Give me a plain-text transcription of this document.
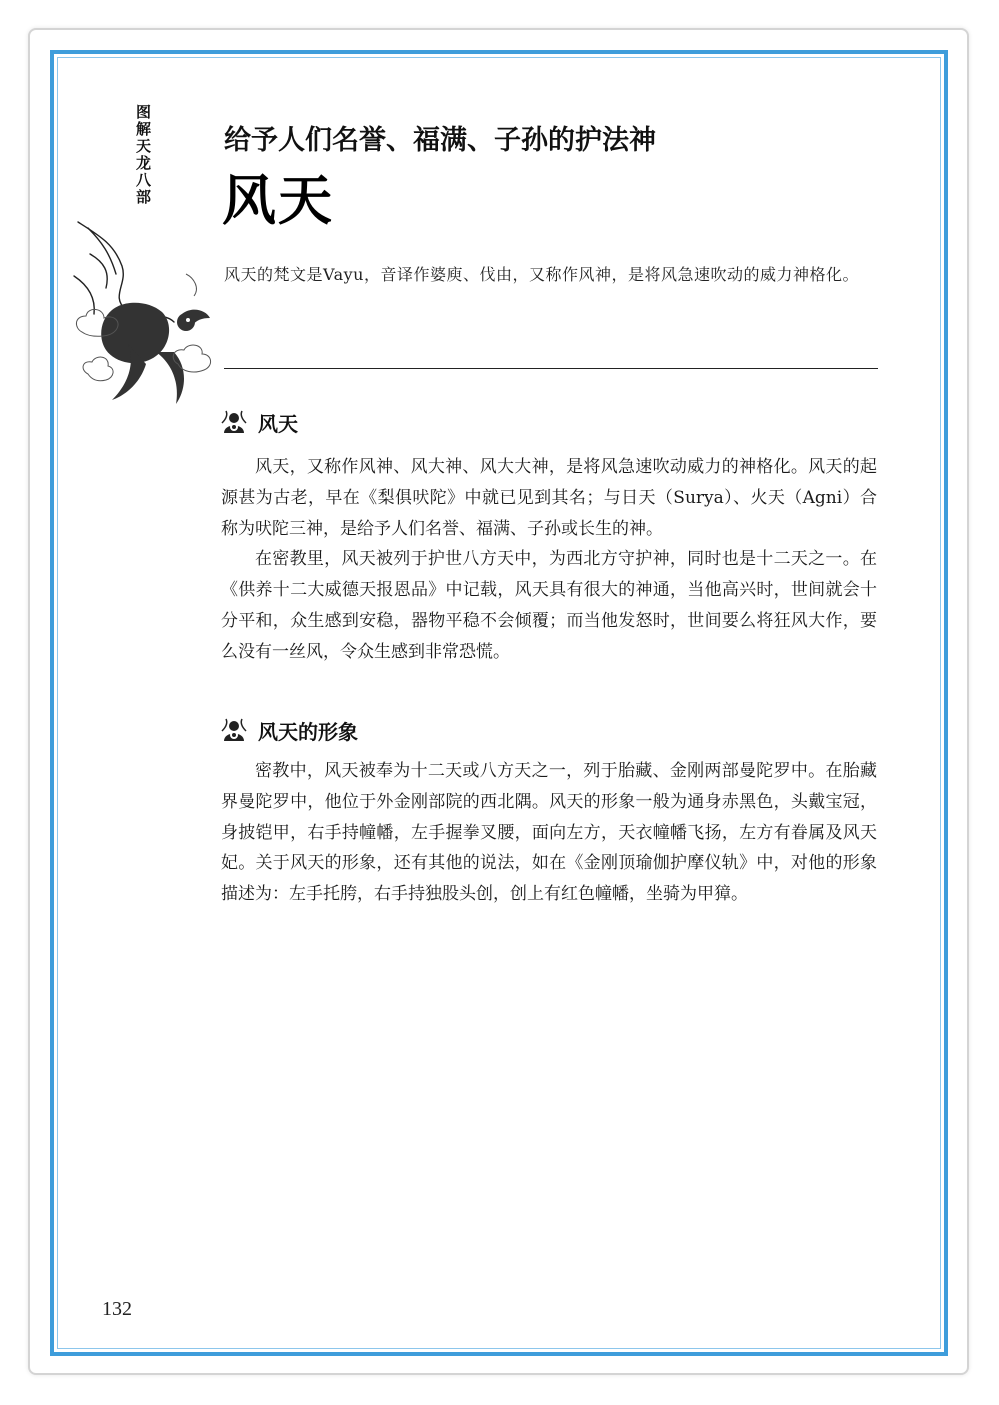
图解天龙八部	给予人们名誉、福满、子孙的护法神
风天
风天的梵文是Vayu，音译作婆庾、伐由，又称作风神，是将风急速吹动的威力神格化。
风天

风天，又称作风神、风大神、风大大神，是将风急速吹动威力的神格化。风天的起源甚为古老，早在《梨俱吠陀》中就已见到其名；与日天（Surya）、火天（Agni）合称为吠陀三神，是给予人们名誉、福满、子孙或长生的神。

在密教里，风天被列于护世八方天中，为西北方守护神，同时也是十二天之一。在《供养十二大威德天报恩品》中记载，风天具有很大的神通，当他高兴时，世间就会十分平和，众生感到安稳，器物平稳不会倾覆；而当他发怒时，世间要么将狂风大作，要么没有一丝风，令众生感到非常恐慌。

风天的形象

密教中，风天被奉为十二天或八方天之一，列于胎藏、金刚两部曼陀罗中。在胎藏界曼陀罗中，他位于外金刚部院的西北隅。风天的形象一般为通身赤黑色，头戴宝冠，身披铠甲，右手持幢幡，左手握拳叉腰，面向左方，天衣幢幡飞扬，左方有眷属及风天妃。关于风天的形象，还有其他的说法，如在《金刚顶瑜伽护摩仪轨》中，对他的形象描述为：左手托胯，右手持独股头创，创上有红色幢幡，坐骑为甲獐。

132
